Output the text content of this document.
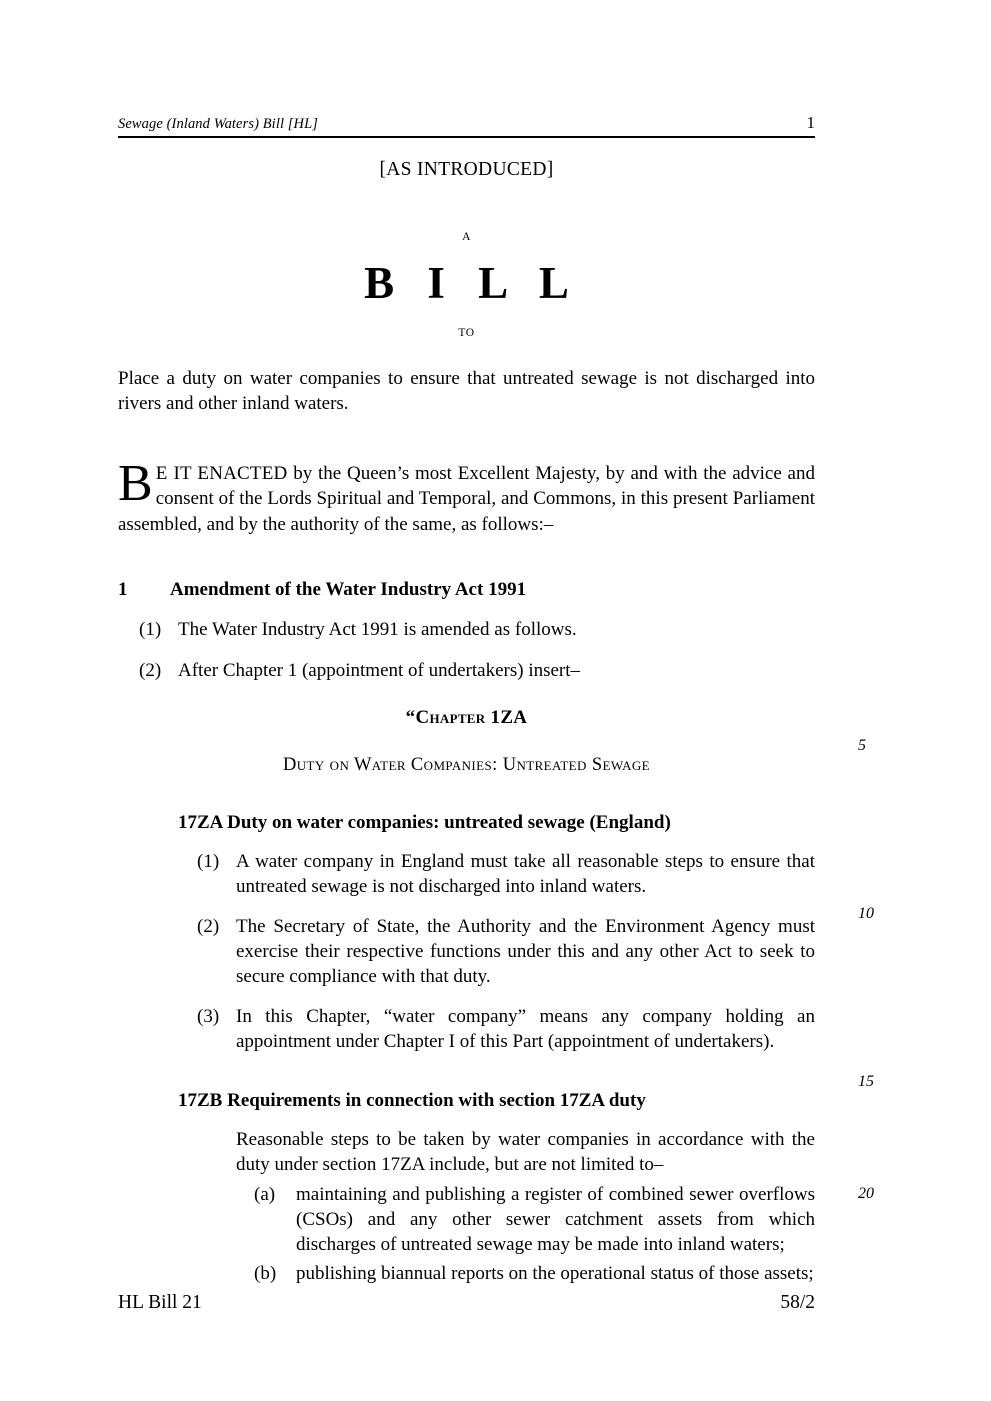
Sewage (Inland Waters) Bill [HL]	1
[AS INTRODUCED]
A
B I L L
TO
Place a duty on water companies to ensure that untreated sewage is not discharged into rivers and other inland waters.
B E IT ENACTED by the Queen’s most Excellent Majesty, by and with the advice and consent of the Lords Spiritual and Temporal, and Commons, in this present Parliament assembled, and by the authority of the same, as follows:–
1	Amendment of the Water Industry Act 1991
(1) The Water Industry Act 1991 is amended as follows.
(2) After Chapter 1 (appointment of undertakers) insert–
“Chapter 1ZA
Duty on Water Companies: Untreated Sewage
17ZA Duty on water companies: untreated sewage (England)
(1) A water company in England must take all reasonable steps to ensure that untreated sewage is not discharged into inland waters.
(2) The Secretary of State, the Authority and the Environment Agency must exercise their respective functions under this and any other Act to seek to secure compliance with that duty.
(3) In this Chapter, “water company” means any company holding an appointment under Chapter I of this Part (appointment of undertakers).
17ZB Requirements in connection with section 17ZA duty
Reasonable steps to be taken by water companies in accordance with the duty under section 17ZA include, but are not limited to–
(a)	maintaining and publishing a register of combined sewer overflows (CSOs) and any other sewer catchment assets from which discharges of untreated sewage may be made into inland waters;
(b)	publishing biannual reports on the operational status of those assets;
5
10
15
20
HL Bill 21	58/2
